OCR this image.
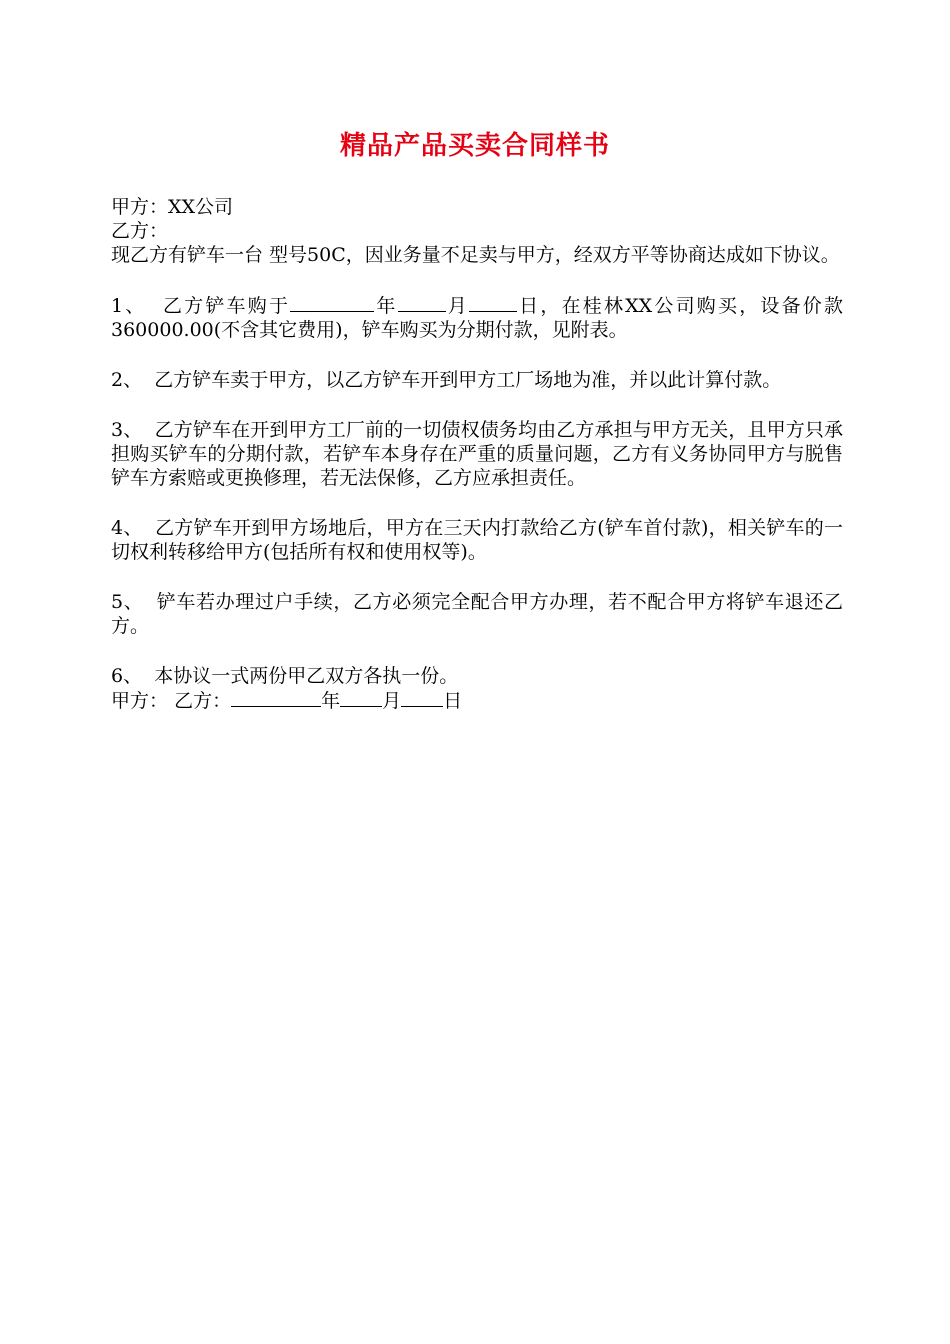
精品产品买卖合同样书
甲方：XX公司
乙方：
现乙方有铲车一台 型号50C，因业务量不足卖与甲方，经双方平等协商达成如下协议。
1、 乙方铲车购于	年	月	日，在桂林XX公司购买，设备价款360000.00(不含其它费用)，铲车购买为分期付款，见附表。
2、 乙方铲车卖于甲方，以乙方铲车开到甲方工厂场地为准，并以此计算付款。
3、 乙方铲车在开到甲方工厂前的一切债权债务均由乙方承担与甲方无关，且甲方只承担购买铲车的分期付款，若铲车本身存在严重的质量问题，乙方有义务协同甲方与脱售铲车方索赔或更换修理，若无法保修，乙方应承担责任。
4、 乙方铲车开到甲方场地后，甲方在三天内打款给乙方(铲车首付款)，相关铲车的一切权利转移给甲方(包括所有权和使用权等)。
5、 铲车若办理过户手续，乙方必须完全配合甲方办理，若不配合甲方将铲车退还乙方。
6、 本协议一式两份甲乙双方各执一份。
甲方： 乙方：	年 月 日
